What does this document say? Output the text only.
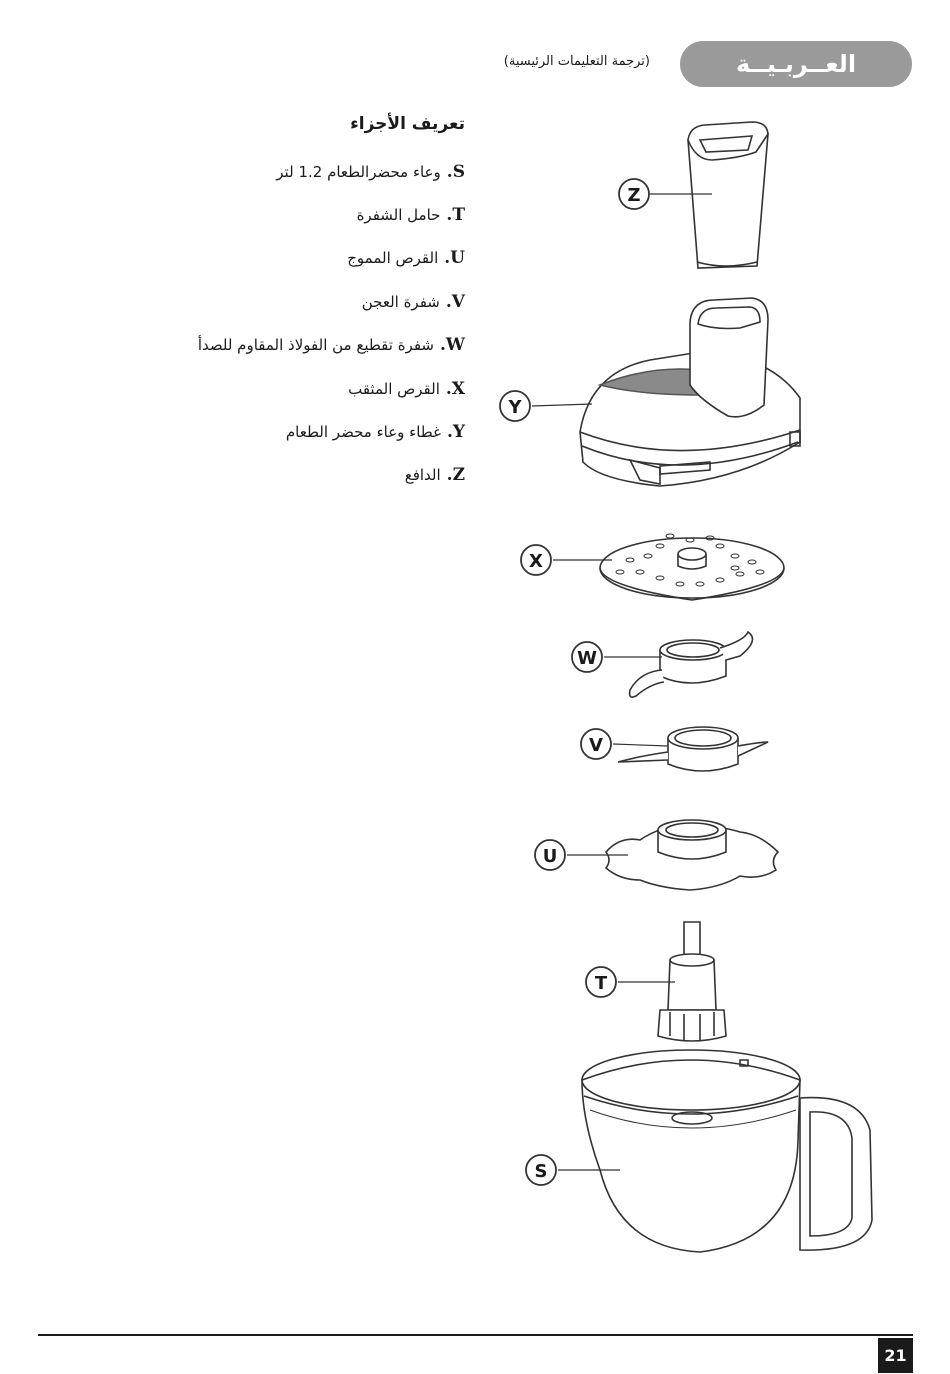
العــربـيــة
(ترجمة التعليمات الرئيسية)
تعريف الأجزاء
S.
وعاء محضرالطعام 1.2 لتر
T.
حامل الشفرة
U.
القرص المموج
V.
شفرة العجن
W.
شفرة تقطيع من الفولاذ المقاوم للصدأ
X.
القرص المثقب
Y.
غطاء وعاء محضر الطعام
Z.
الدافع
Z
Y
X
W
V
U
T
S
21
